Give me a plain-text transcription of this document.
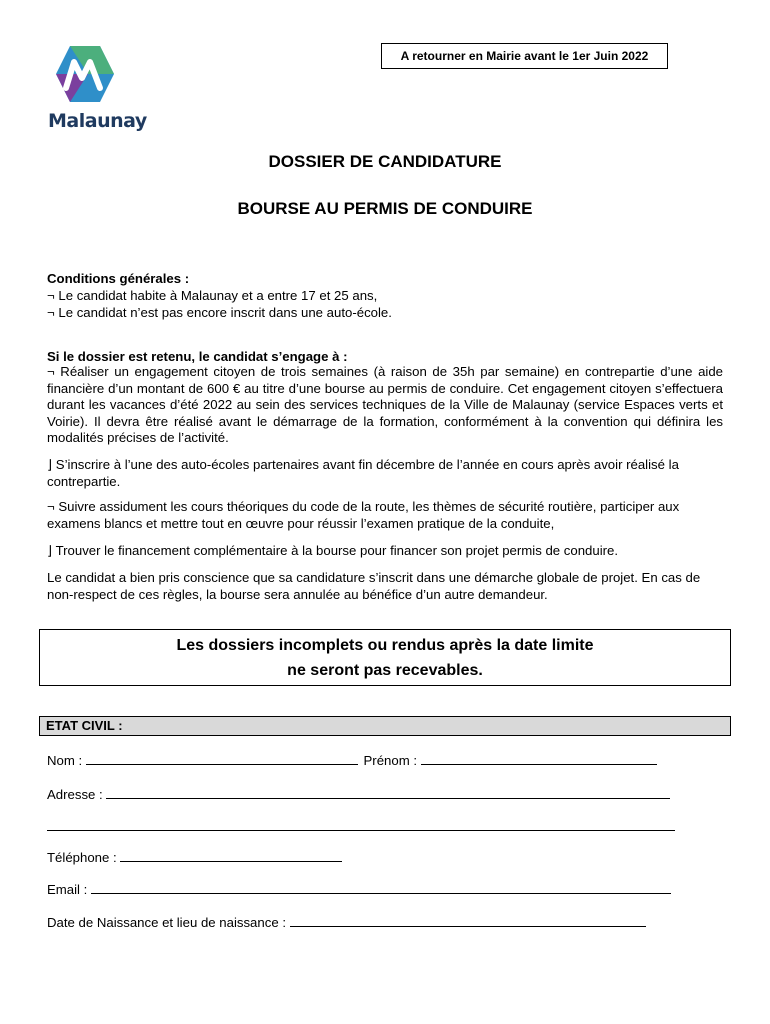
Malaunay
A retourner en Mairie avant le 1er Juin 2022
DOSSIER DE CANDIDATURE
BOURSE AU PERMIS DE CONDUIRE
Conditions générales :
¬ Le candidat habite à Malaunay et a entre 17 et 25 ans,
¬ Le candidat n’est pas encore inscrit dans une auto-école.
Si le dossier est retenu, le candidat s’engage à :
¬ Réaliser un engagement citoyen de trois semaines (à raison de 35h par semaine) en contrepartie d’une aide financière d’un montant de 600 € au titre d’une bourse au permis de conduire. Cet engagement citoyen s’effectuera durant les vacances d’été 2022 au sein des services techniques de la Ville de Malaunay (service Espaces verts et Voirie). Il devra être réalisé avant le démarrage de la formation, conformément à la convention qui définira les modalités précises de l’activité.
⌋ S’inscrire à l’une des auto-écoles partenaires avant fin décembre de l’année en cours après avoir réalisé la contrepartie.
¬ Suivre assidument les cours théoriques du code de la route, les thèmes de sécurité routière, participer aux examens blancs et mettre tout en œuvre pour réussir l’examen pratique de la conduite,
⌋ Trouver le financement complémentaire à la bourse pour financer son projet permis de conduire.
Le candidat a bien pris conscience que sa candidature s’inscrit dans une démarche globale de projet. En cas de non-respect de ces règles, la bourse sera annulée au bénéfice d’un autre demandeur.
Les dossiers incomplets ou rendus après la date limite
ne seront pas recevables.
ETAT CIVIL :
Nom :	Prénom :
Adresse :
Téléphone :
Email :
Date de Naissance et lieu de naissance :
